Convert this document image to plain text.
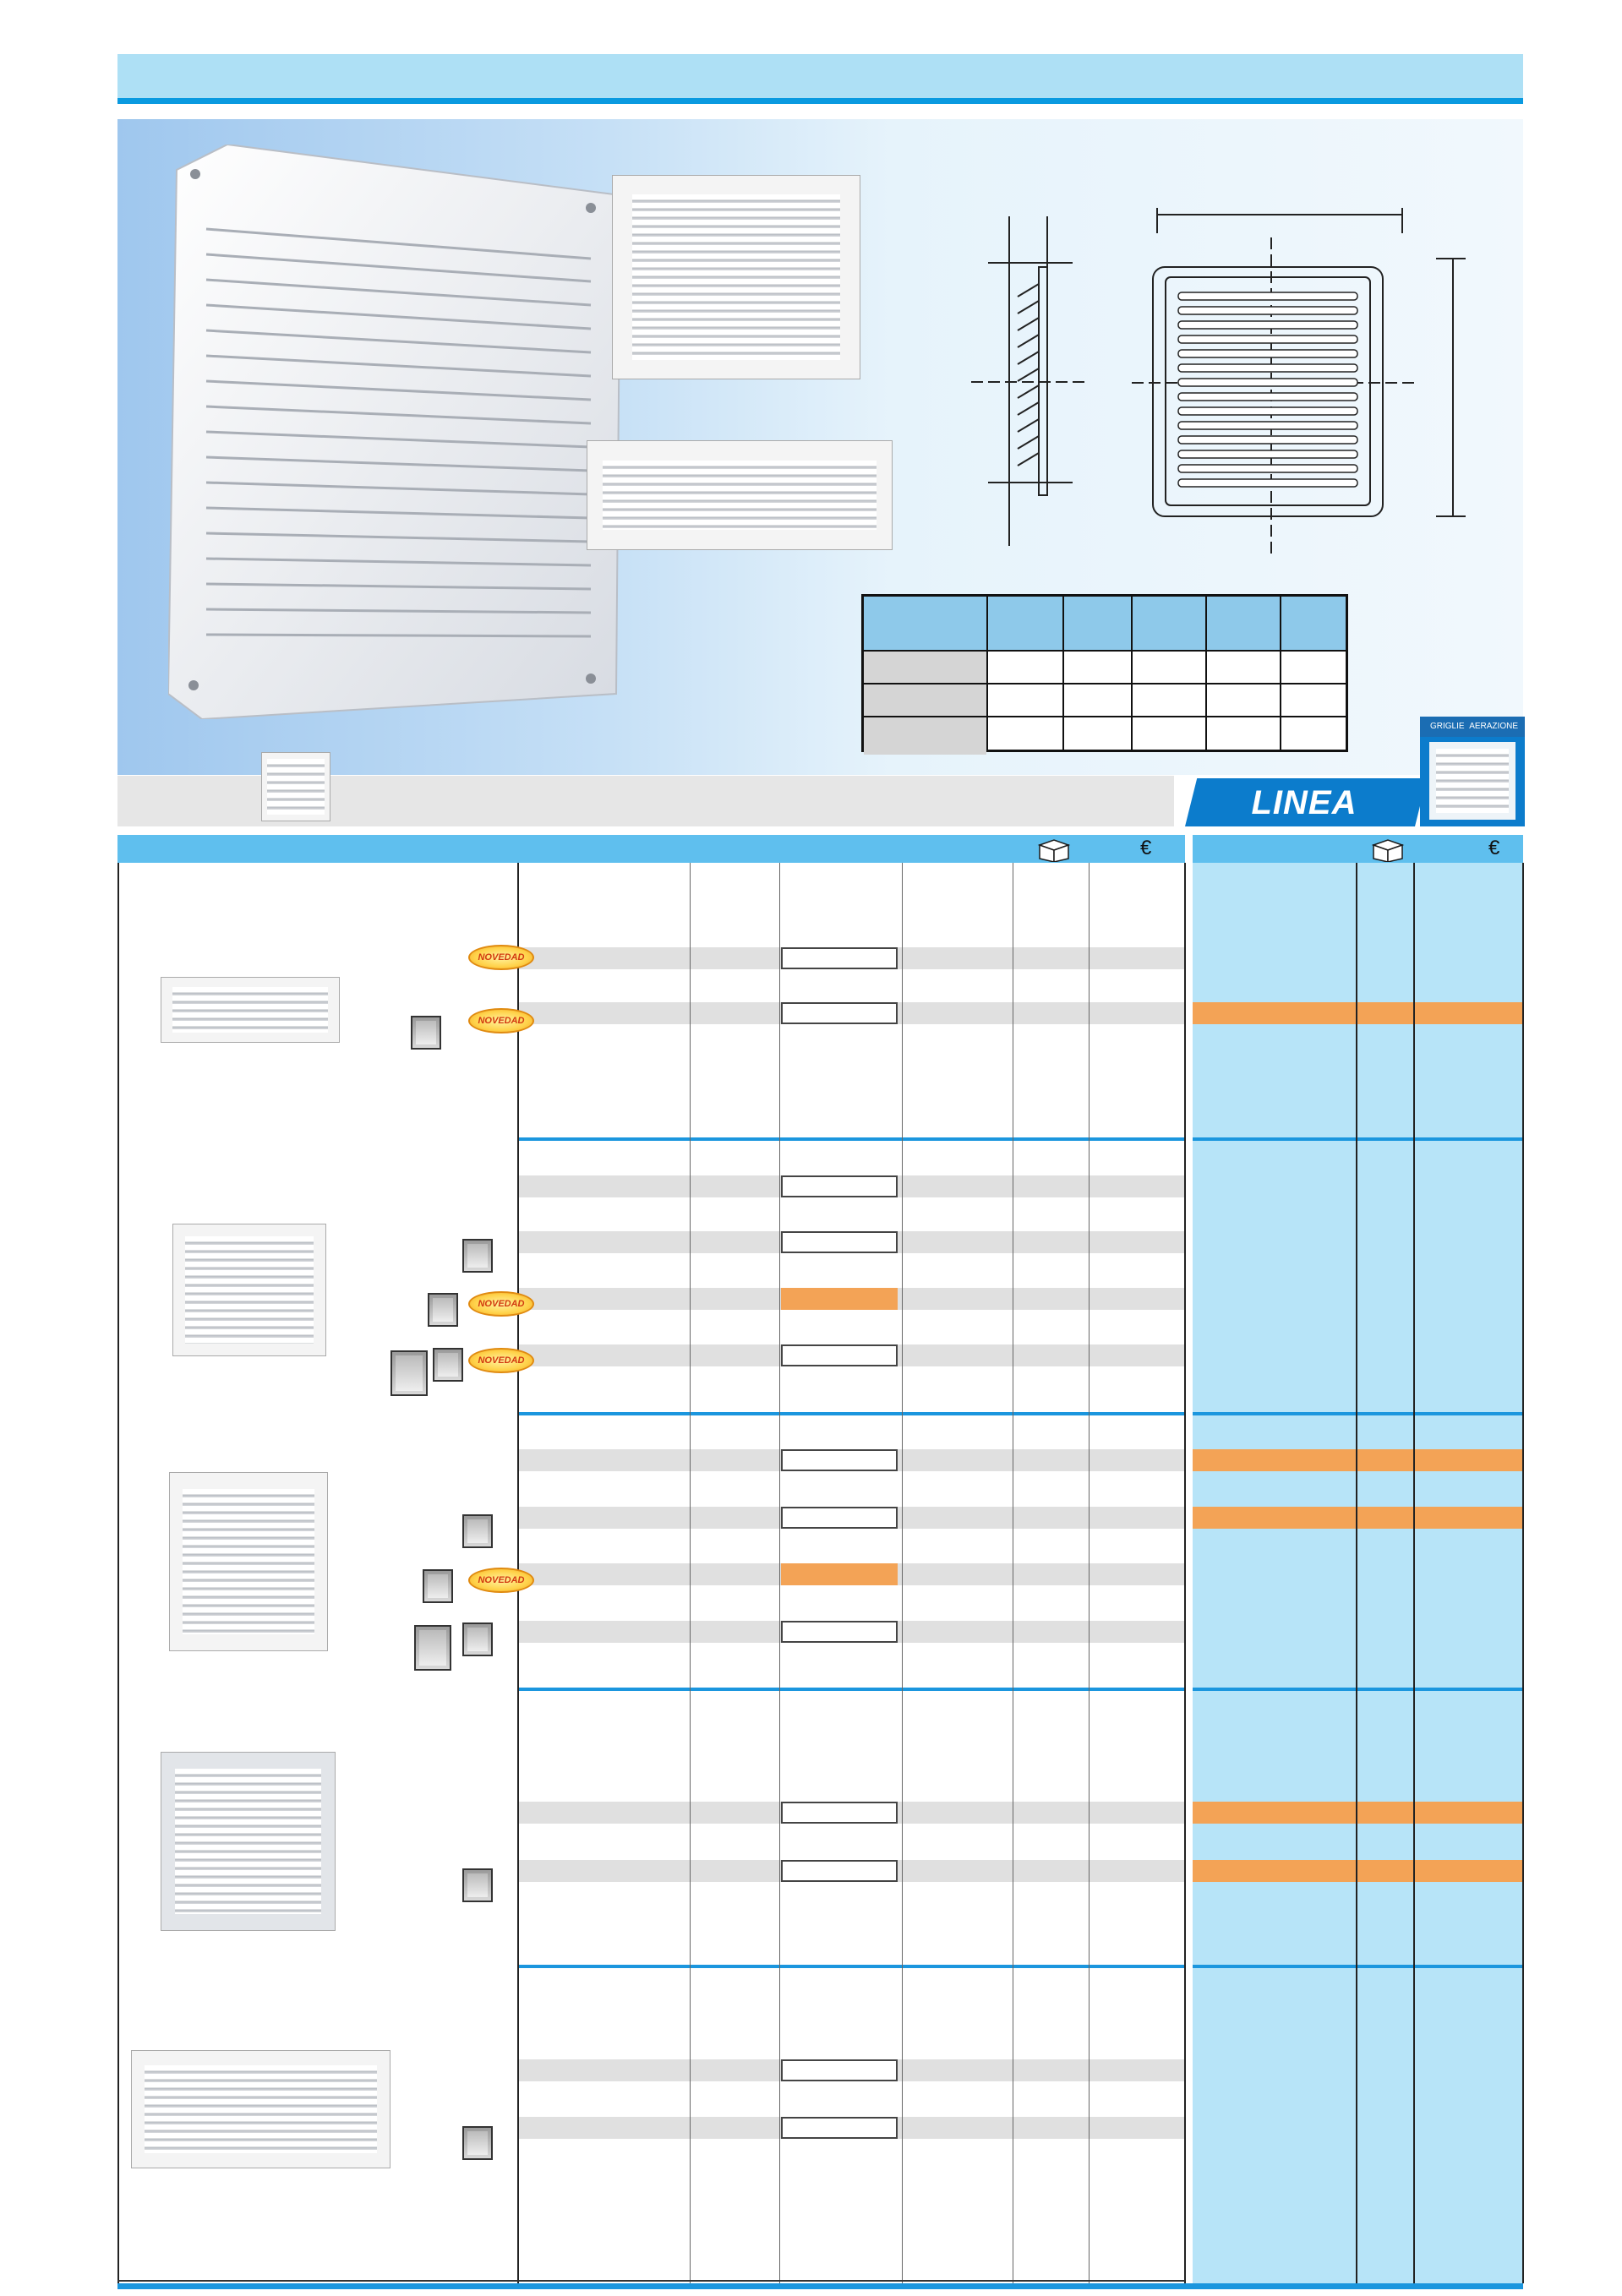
LINEA
GRIGLIE AERAZIONE
€	€
NOVEDAD
NOVEDAD
NOVEDAD
NOVEDAD
NOVEDAD
